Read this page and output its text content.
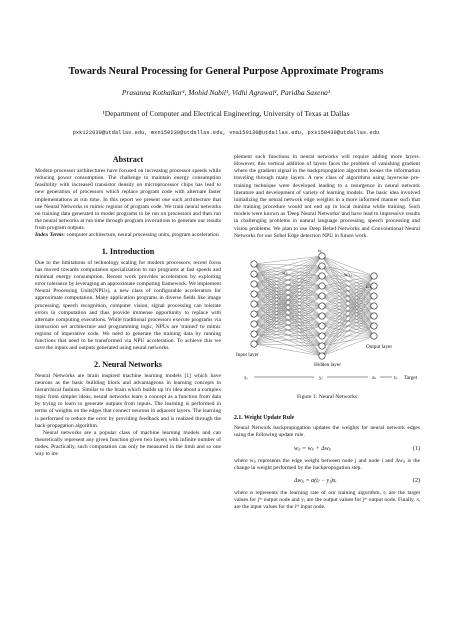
Towards Neural Processing for General Purpose Approximate Programs
Prasanna Kothalkar¹, Mohid Nabil¹, Vidhi Agrawal¹, Paridha Saxena¹
¹Department of Computer and Electrical Engineering, University of Texas at Dallas
pxk122030@utdallas.edu, mxn150230@utdallas.edu, vna150130@utdallas.edu, pxs158430@utdallas.edu
Abstract

Modern processor architectures have focused on increasing processor speeds while reducing power consumption. The challenge to maintain energy consumption feasibility with increased transistor density on microprocessor chips has lead to new generation of processors which replace program code with alternate faster implementations at run time. In this report we present one such architecture that use Neural Networks to mimic regions of program code. We train neural networks on training data generated to model programs to be run on processors and then run the neural networks at run time through program invocations to generate our results from program outputs.

Index Terms: computer architecture, neural processing units, program acceleration

1. Introduction

Due to the limitations of technology scaling for modern processors, recent focus has moved towards computation specialization to run programs at fast speeds and minimal energy consumption. Recent work provides acceleration by exploiting error tolerance by leveraging an approximate computing framework. We implement Neural Processing Units(NPUs), a new class of configurable accelerators for approximate computation. Many application programs in diverse fields like image processing, speech recognition, computer vision, signal processing can tolerate errors in computation and thus provide immense opportunity to replace with alternate computing executions. While traditional processors execute programs via instruction set architecture and programming logic, NPUs are 'trained' to mimic regions of imperative code. We need to generate the training data by running functions that need to be transformed via NPU acceleration. To achieve this we save the inputs and outputs generated using neural networks.

2. Neural Networks

Neural Networks are brain inspired machine learning models [1] which have neurons as the basic building block and advantageous in learning concepts in hierarchical fashion. Similar to the brain which builds up it's idea about a complex topic from simpler ideas, neural networks learn a concept as a function from data by trying to learn to generate outputs from inputs. The learning is performed in terms of weights on the edges that connect neurons in adjacent layers. The learning is performed to reduce the error by providing feedback and is realized through the back-propagation algorithm.

Neural networks are a popular class of machine learning models and can theoretically represent any given function given two layers with infinite number of nodes. Practically, such computation can only be measured in the limit and so one way to im-

plement such functions in neural networks will require adding more layers. However, this vertical addition of layers faces the problem of vanishing gradient where the gradient signal in the backpropogation algorithm looses the information traveling through many layers. A new class of algorithms using layerwise pre-training technique were developed leading to a resurgence in neural network literature and development of variety of learning models. The basic idea involved initializing the neural network edge weights in a more informed manner such that the training procedure would not end up in local minima while training. Such models were known as 'Deep Neural Networks' and have lead to impressive results in challenging problems in natural language processing, speech processing and vision problems. We plan to use Deep Belief Networks and Convolutional Neural Networks for our Sobel Edge detection NPU in future work.

uⱼ
wⱼᵢ	w'ₖⱼ
u'ₖ
Input layer
Hidden layer
Output layer
xᵢ	yⱼ	zₖ	tₖ Target
Figure 1: Neural Networks
2.1. Weight Update Rule

Neural Network backpropogation updates the weights for neural network edges using the following update rule.

wⱼᵢ = wⱼᵢ + Δwⱼᵢ	(1)

where wⱼᵢ represents the edge weight between node j and node i and Δwⱼᵢ is the change in weight performed by the backpropogation step.

Δwⱼᵢ = α(tⱼ − yⱼ)xᵢ	(2)

where α represents the learning rate of our training algorithm, tⱼ are the target values for jᵗʰ output node and yⱼ are the output values for jᵗʰ output node. Finally, xᵢ are the input values for the iᵗʰ input node.
